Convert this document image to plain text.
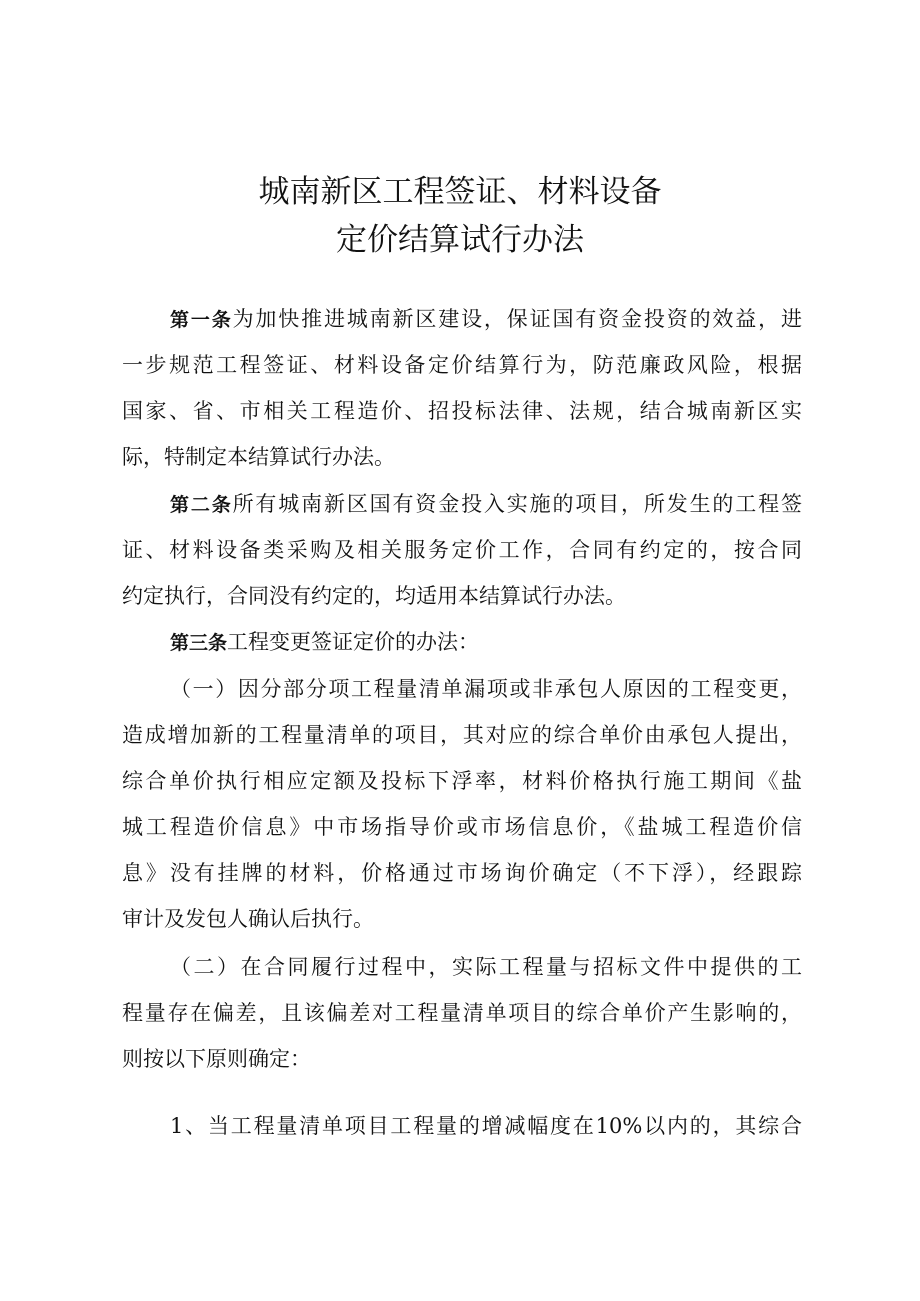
城南新区工程签证、材料设备
定价结算试行办法
第一条为加快推进城南新区建设，保证国有资金投资的效益，进
一步规范工程签证、材料设备定价结算行为，防范廉政风险，根据
国家、省、市相关工程造价、招投标法律、法规，结合城南新区实
际，特制定本结算试行办法。
第二条所有城南新区国有资金投入实施的项目，所发生的工程签
证、材料设备类采购及相关服务定价工作，合同有约定的，按合同
约定执行，合同没有约定的，均适用本结算试行办法。
第三条工程变更签证定价的办法：
（一）因分部分项工程量清单漏项或非承包人原因的工程变更，
造成增加新的工程量清单的项目，其对应的综合单价由承包人提出，
综合单价执行相应定额及投标下浮率，材料价格执行施工期间《盐
城工程造价信息》中市场指导价或市场信息价，《盐城工程造价信
息》没有挂牌的材料，价格通过市场询价确定（不下浮），经跟踪
审计及发包人确认后执行。
（二）在合同履行过程中，实际工程量与招标文件中提供的工
程量存在偏差，且该偏差对工程量清单项目的综合单价产生影响的，
则按以下原则确定：
1、当工程量清单项目工程量的增减幅度在10%以内的，其综合
